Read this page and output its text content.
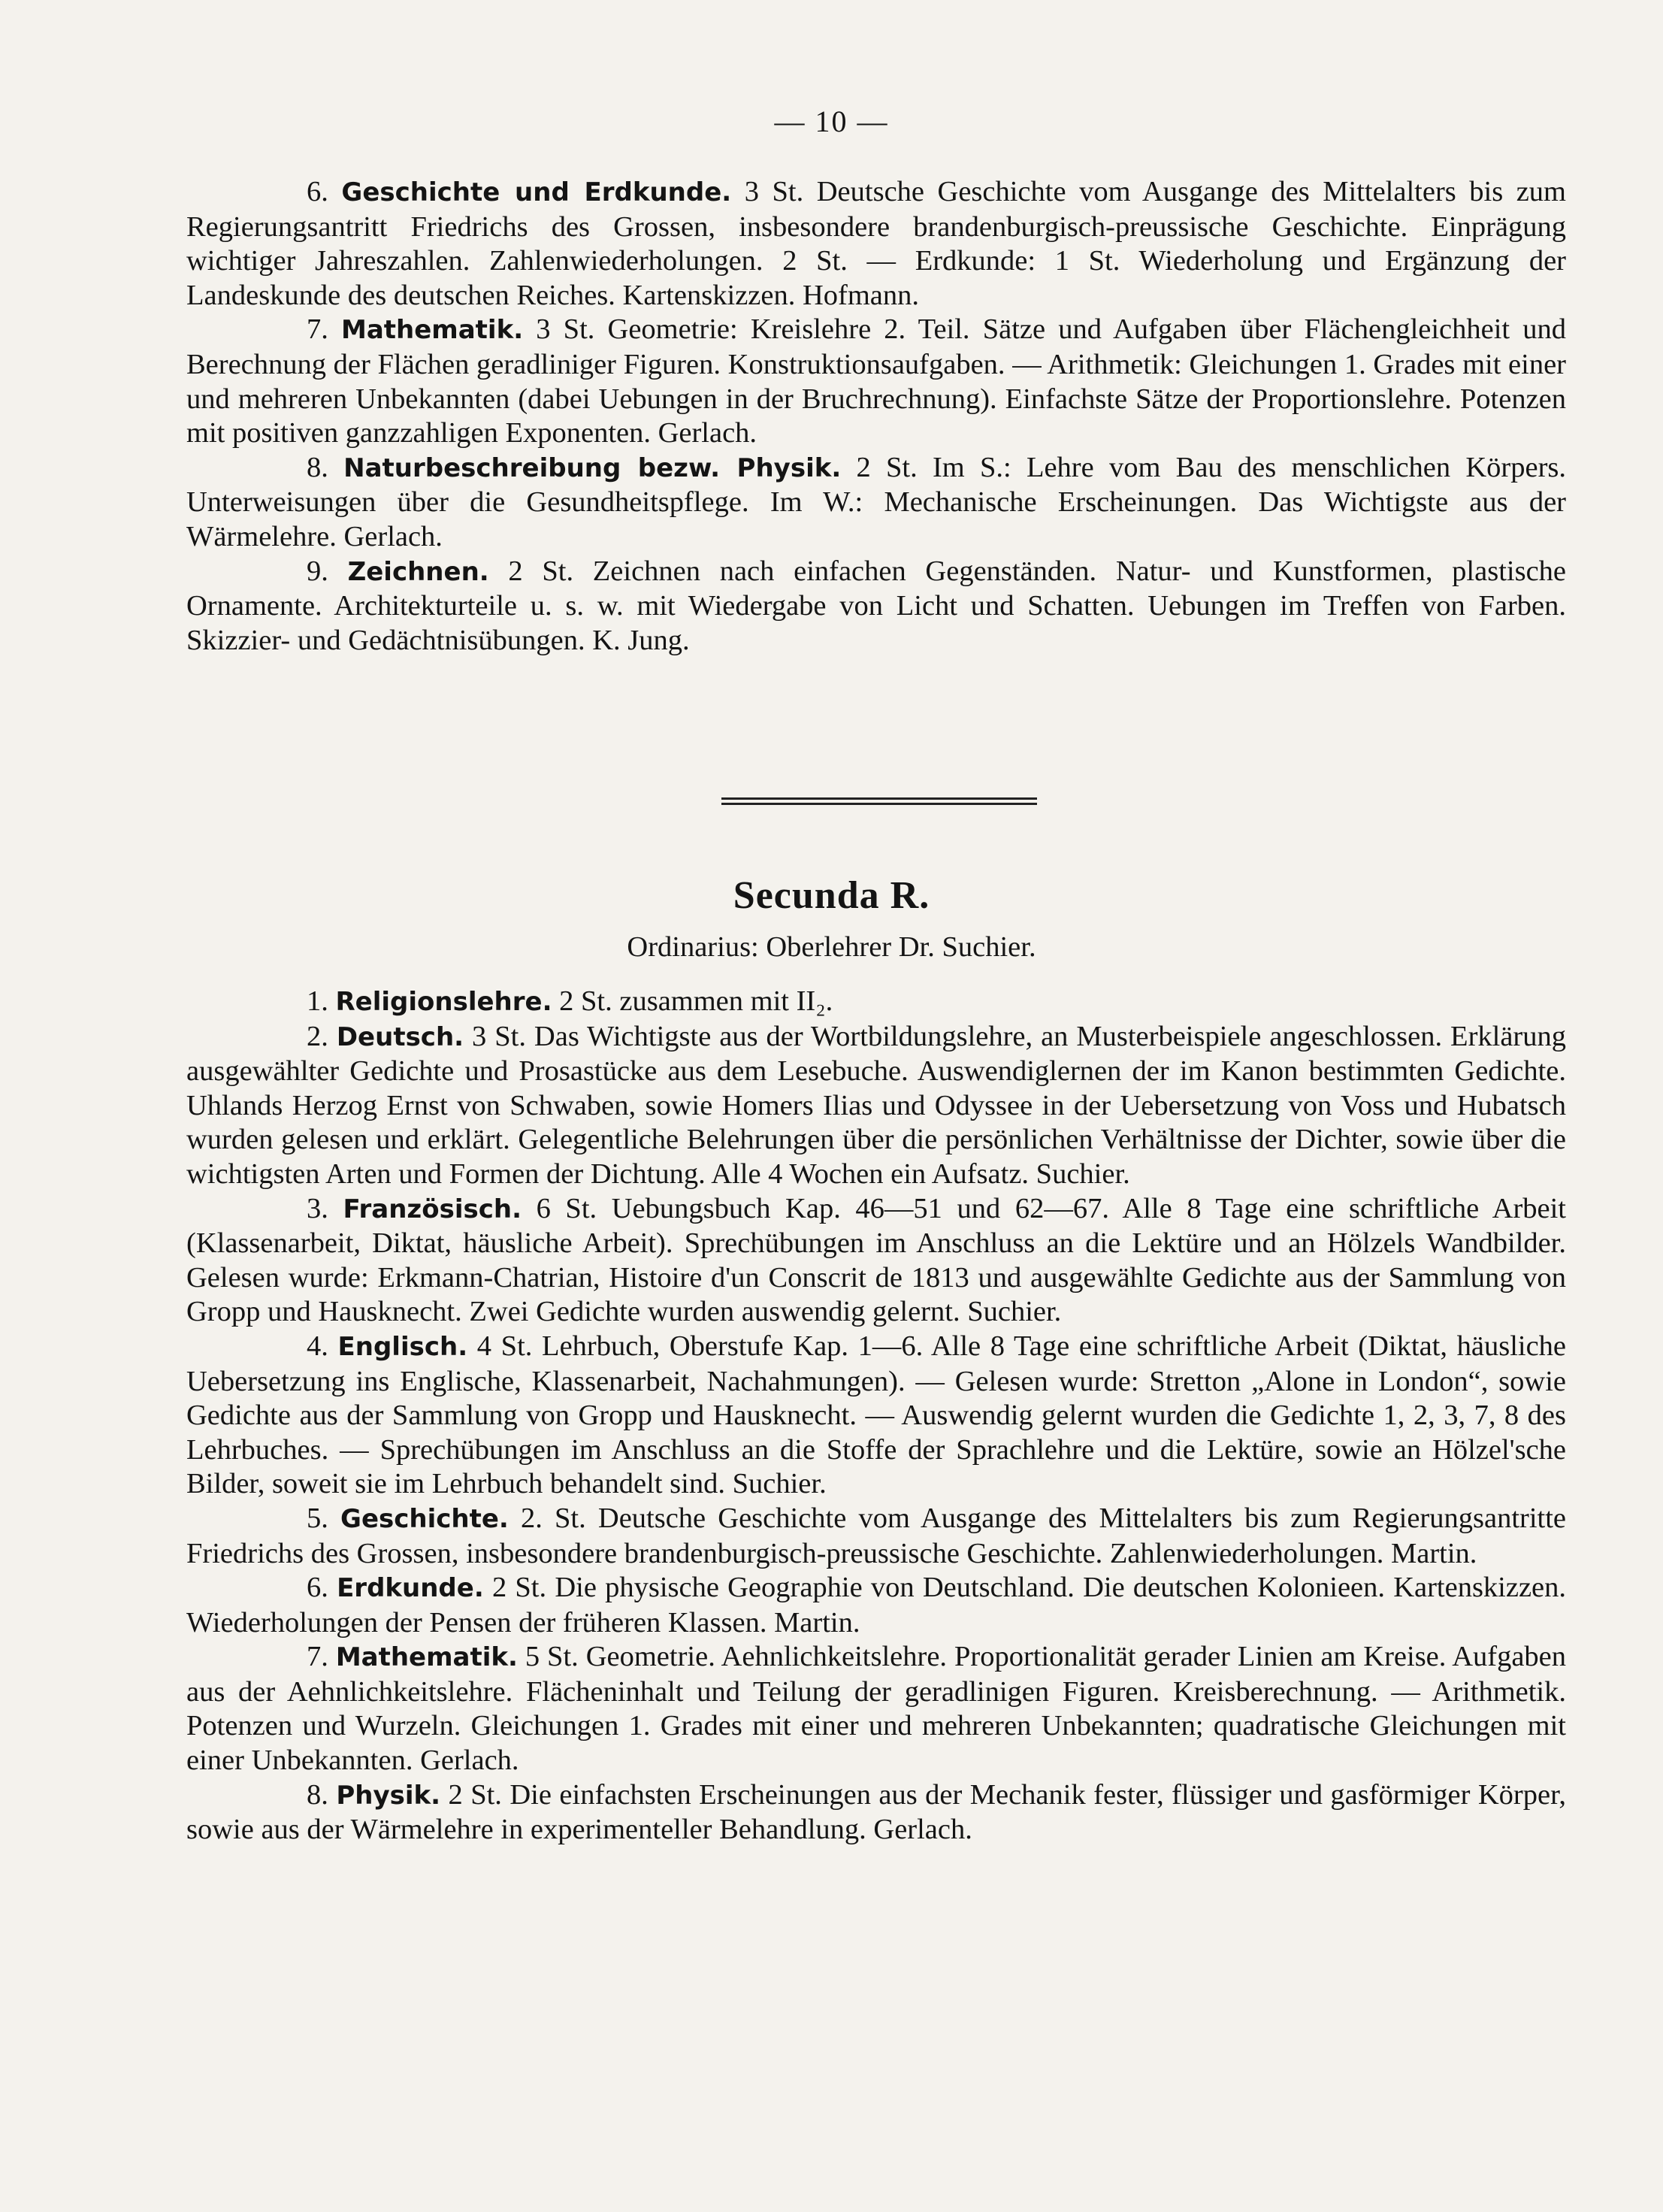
— 10 —

6. Geschichte und Erdkunde. 3 St. Deutsche Geschichte vom Ausgange des Mittelalters bis zum Regierungsantritt Friedrichs des Grossen, insbesondere brandenburgisch-preussische Geschichte. Einprägung wichtiger Jahreszahlen. Zahlenwiederholungen. 2 St. — Erdkunde: 1 St. Wiederholung und Ergänzung der Landeskunde des deutschen Reiches. Kartenskizzen. Hofmann.

7. Mathematik. 3 St. Geometrie: Kreislehre 2. Teil. Sätze und Aufgaben über Flächengleichheit und Berechnung der Flächen geradliniger Figuren. Konstruktionsaufgaben. — Arithmetik: Gleichungen 1. Grades mit einer und mehreren Unbekannten (dabei Uebungen in der Bruchrechnung). Einfachste Sätze der Proportionslehre. Potenzen mit positiven ganzzahligen Exponenten. Gerlach.

8. Naturbeschreibung bezw. Physik. 2 St. Im S.: Lehre vom Bau des menschlichen Körpers. Unterweisungen über die Gesundheitspflege. Im W.: Mechanische Erscheinungen. Das Wichtigste aus der Wärmelehre. Gerlach.

9. Zeichnen. 2 St. Zeichnen nach einfachen Gegenständen. Natur- und Kunstformen, plastische Ornamente. Architekturteile u. s. w. mit Wiedergabe von Licht und Schatten. Uebungen im Treffen von Farben. Skizzier- und Gedächtnisübungen. K. Jung.

Secunda R.
Ordinarius: Oberlehrer Dr. Suchier.

1. Religionslehre. 2 St. zusammen mit II₂.

2. Deutsch. 3 St. Das Wichtigste aus der Wortbildungslehre, an Musterbeispiele angeschlossen. Erklärung ausgewählter Gedichte und Prosastücke aus dem Lesebuche. Auswendiglernen der im Kanon bestimmten Gedichte. Uhlands Herzog Ernst von Schwaben, sowie Homers Ilias und Odyssee in der Uebersetzung von Voss und Hubatsch wurden gelesen und erklärt. Gelegentliche Belehrungen über die persönlichen Verhältnisse der Dichter, sowie über die wichtigsten Arten und Formen der Dichtung. Alle 4 Wochen ein Aufsatz. Suchier.

3. Französisch. 6 St. Uebungsbuch Kap. 46—51 und 62—67. Alle 8 Tage eine schriftliche Arbeit (Klassenarbeit, Diktat, häusliche Arbeit). Sprechübungen im Anschluss an die Lektüre und an Hölzels Wandbilder. Gelesen wurde: Erkmann-Chatrian, Histoire d'un Conscrit de 1813 und ausgewählte Gedichte aus der Sammlung von Gropp und Hausknecht. Zwei Gedichte wurden auswendig gelernt. Suchier.

4. Englisch. 4 St. Lehrbuch, Oberstufe Kap. 1—6. Alle 8 Tage eine schriftliche Arbeit (Diktat, häusliche Uebersetzung ins Englische, Klassenarbeit, Nachahmungen). — Gelesen wurde: Stretton „Alone in London“, sowie Gedichte aus der Sammlung von Gropp und Hausknecht. — Auswendig gelernt wurden die Gedichte 1, 2, 3, 7, 8 des Lehrbuches. — Sprechübungen im Anschluss an die Stoffe der Sprachlehre und die Lektüre, sowie an Hölzel'sche Bilder, soweit sie im Lehrbuch behandelt sind. Suchier.

5. Geschichte. 2. St. Deutsche Geschichte vom Ausgange des Mittelalters bis zum Regierungsantritte Friedrichs des Grossen, insbesondere brandenburgisch-preussische Geschichte. Zahlenwiederholungen. Martin.

6. Erdkunde. 2 St. Die physische Geographie von Deutschland. Die deutschen Kolonieen. Kartenskizzen. Wiederholungen der Pensen der früheren Klassen. Martin.

7. Mathematik. 5 St. Geometrie. Aehnlichkeitslehre. Proportionalität gerader Linien am Kreise. Aufgaben aus der Aehnlichkeitslehre. Flächeninhalt und Teilung der geradlinigen Figuren. Kreisberechnung. — Arithmetik. Potenzen und Wurzeln. Gleichungen 1. Grades mit einer und mehreren Unbekannten; quadratische Gleichungen mit einer Unbekannten. Gerlach.

8. Physik. 2 St. Die einfachsten Erscheinungen aus der Mechanik fester, flüssiger und gasförmiger Körper, sowie aus der Wärmelehre in experimenteller Behandlung. Gerlach.
